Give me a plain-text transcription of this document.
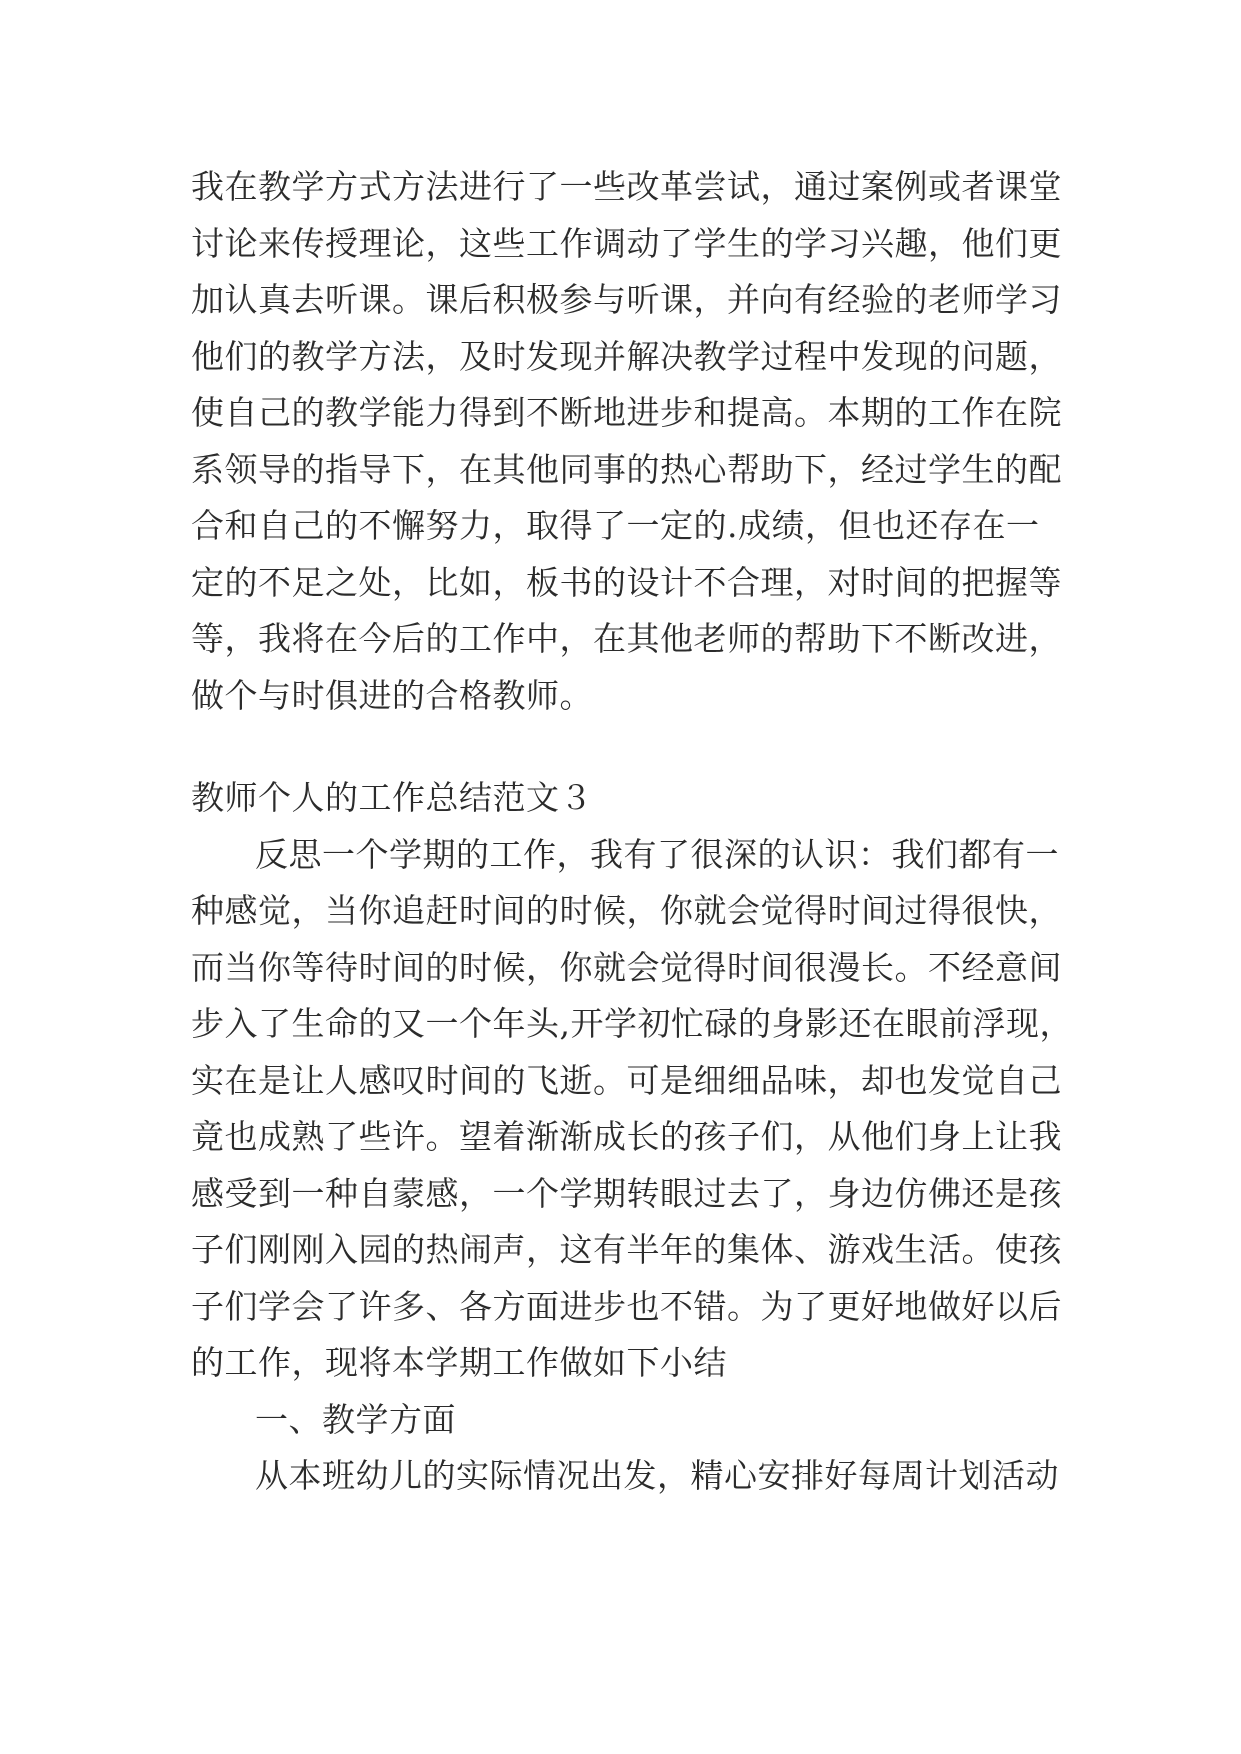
我在教学方式方法进行了一些改革尝试，通过案例或者课堂
讨论来传授理论，这些工作调动了学生的学习兴趣，他们更
加认真去听课。课后积极参与听课，并向有经验的老师学习
他们的教学方法，及时发现并解决教学过程中发现的问题，
使自己的教学能力得到不断地进步和提高。本期的工作在院
系领导的指导下，在其他同事的热心帮助下，经过学生的配
合和自己的不懈努力，取得了一定的.成绩，但也还存在一
定的不足之处，比如，板书的设计不合理，对时间的把握等
等，我将在今后的工作中，在其他老师的帮助下不断改进，
做个与时俱进的合格教师。
教师个人的工作总结范文３
反思一个学期的工作，我有了很深的认识：我们都有一
种感觉，当你追赶时间的时候，你就会觉得时间过得很快，
而当你等待时间的时候，你就会觉得时间很漫长。不经意间
步入了生命的又一个年头,开学初忙碌的身影还在眼前浮现，
实在是让人感叹时间的飞逝。可是细细品味，却也发觉自己
竟也成熟了些许。望着渐渐成长的孩子们，从他们身上让我
感受到一种自蒙感，一个学期转眼过去了，身边仿佛还是孩
子们刚刚入园的热闹声，这有半年的集体、游戏生活。使孩
子们学会了许多、各方面进步也不错。为了更好地做好以后
的工作，现将本学期工作做如下小结
一、教学方面
从本班幼儿的实际情况出发，精心安排好每周计划活动
